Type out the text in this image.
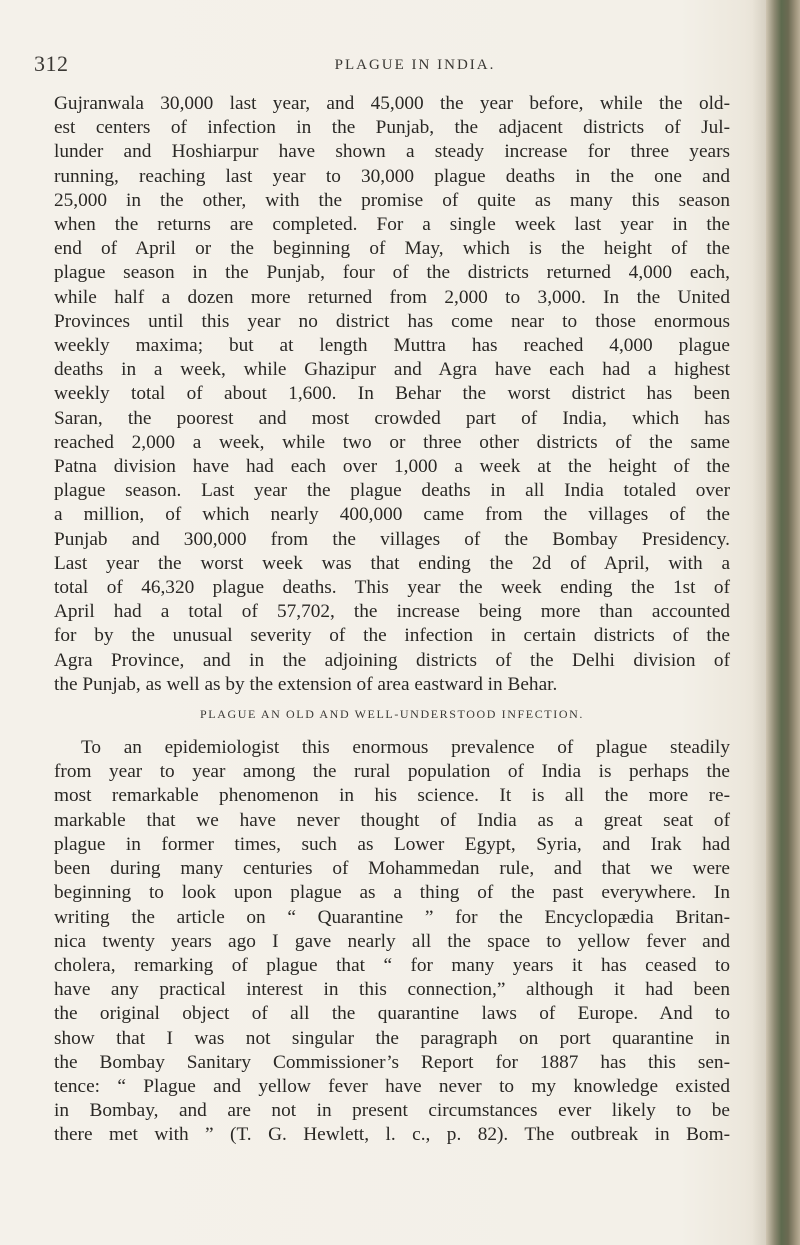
312	PLAGUE IN INDIA.
Gujranwala 30,000 last year, and 45,000 the year before, while the old-
est centers of infection in the Punjab, the adjacent districts of Jul-
lunder and Hoshiarpur have shown a steady increase for three years
running, reaching last year to 30,000 plague deaths in the one and
25,000 in the other, with the promise of quite as many this season
when the returns are completed. For a single week last year in the
end of April or the beginning of May, which is the height of the
plague season in the Punjab, four of the districts returned 4,000 each,
while half a dozen more returned from 2,000 to 3,000. In the United
Provinces until this year no district has come near to those enormous
weekly maxima; but at length Muttra has reached 4,000 plague
deaths in a week, while Ghazipur and Agra have each had a highest
weekly total of about 1,600. In Behar the worst district has been
Saran, the poorest and most crowded part of India, which has
reached 2,000 a week, while two or three other districts of the same
Patna division have had each over 1,000 a week at the height of the
plague season. Last year the plague deaths in all India totaled over
a million, of which nearly 400,000 came from the villages of the
Punjab and 300,000 from the villages of the Bombay Presidency.
Last year the worst week was that ending the 2d of April, with a
total of 46,320 plague deaths. This year the week ending the 1st of
April had a total of 57,702, the increase being more than accounted
for by the unusual severity of the infection in certain districts of the
Agra Province, and in the adjoining districts of the Delhi division of
the Punjab, as well as by the extension of area eastward in Behar.
PLAGUE AN OLD AND WELL-UNDERSTOOD INFECTION.
To an epidemiologist this enormous prevalence of plague steadily
from year to year among the rural population of India is perhaps the
most remarkable phenomenon in his science. It is all the more re-
markable that we have never thought of India as a great seat of
plague in former times, such as Lower Egypt, Syria, and Irak had
been during many centuries of Mohammedan rule, and that we were
beginning to look upon plague as a thing of the past everywhere. In
writing the article on “ Quarantine ” for the Encyclopædia Britan-
nica twenty years ago I gave nearly all the space to yellow fever and
cholera, remarking of plague that “ for many years it has ceased to
have any practical interest in this connection,” although it had been
the original object of all the quarantine laws of Europe. And to
show that I was not singular the paragraph on port quarantine in
the Bombay Sanitary Commissioner’s Report for 1887 has this sen-
tence: “ Plague and yellow fever have never to my knowledge existed
in Bombay, and are not in present circumstances ever likely to be
there met with ” (T. G. Hewlett, l. c., p. 82). The outbreak in Bom-
